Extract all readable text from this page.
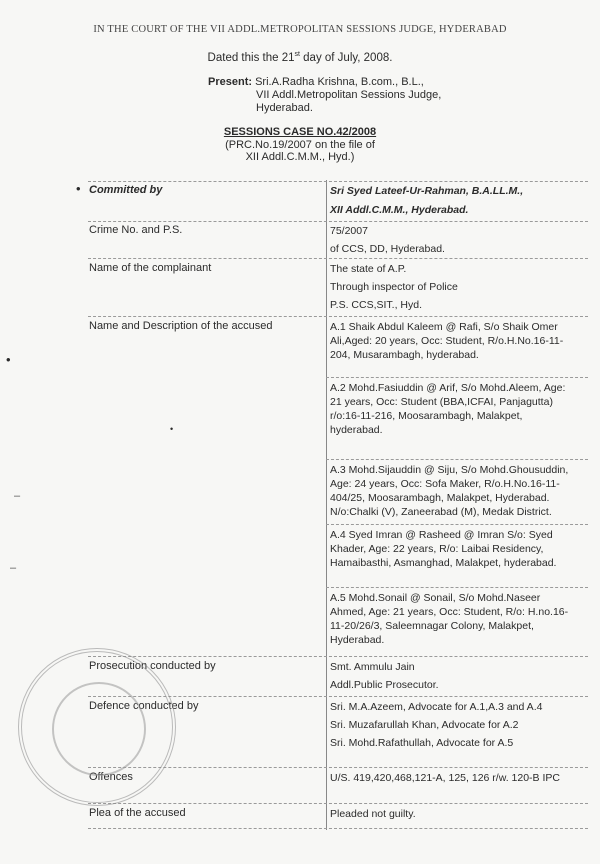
IN THE COURT OF THE VII ADDL.METROPOLITAN SESSIONS JUDGE, HYDERABAD
Dated this the 21st day of July, 2008.
Present: Sri.A.Radha Krishna, B.com., B.L.,
VII Addl.Metropolitan Sessions Judge,
Hyderabad.
SESSIONS CASE NO.42/2008
(PRC.No.19/2007 on the file of
XII Addl.C.M.M., Hyd.)
• Committed by	Sri Syed Lateef-Ur-Rahman, B.A.LL.M.,
XII Addl.C.M.M., Hyderabad.
Crime No. and P.S.	75/2007
of CCS, DD, Hyderabad.
Name of the complainant	The state of A.P.
Through inspector of Police
P.S. CCS,SIT., Hyd.
Name and Description of the accused	A.1 Shaik Abdul Kaleem @ Rafi, S/o Shaik Omer Ali,Aged: 20 years, Occ: Student, R/o.H.No.16-11-204, Musarambagh, hyderabad.
A.2 Mohd.Fasiuddin @ Arif, S/o Mohd.Aleem, Age: 21 years, Occ: Student (BBA,ICFAI, Panjagutta) r/o:16-11-216, Moosarambagh, Malakpet, hyderabad.
A.3 Mohd.Sijauddin @ Siju, S/o Mohd.Ghousuddin, Age: 24 years, Occ: Sofa Maker, R/o.H.No.16-11-404/25, Moosarambagh, Malakpet, Hyderabad. N/o:Chalki (V), Zaneerabad (M), Medak District.
A.4 Syed Imran @ Rasheed @ Imran S/o: Syed Khader, Age: 22 years, R/o: Laibai Residency, Hamaibasthi, Asmanghad, Malakpet, hyderabad.
A.5 Mohd.Sonail @ Sonail, S/o Mohd.Naseer Ahmed, Age: 21 years, Occ: Student, R/o: H.no.16-11-20/26/3, Saleemnagar Colony, Malakpet, Hyderabad.
Prosecution conducted by	Smt. Ammulu Jain
Addl.Public Prosecutor.
Defence conducted by	Sri. M.A.Azeem, Advocate for A.1,A.3 and A.4
Sri. Muzafarullah Khan, Advocate for A.2
Sri. Mohd.Rafathullah, Advocate for A.5
Offences	U/S. 419,420,468,121-A, 125, 126 r/w. 120-B IPC
Plea of the accused	Pleaded not guilty.
•
•
–
–
